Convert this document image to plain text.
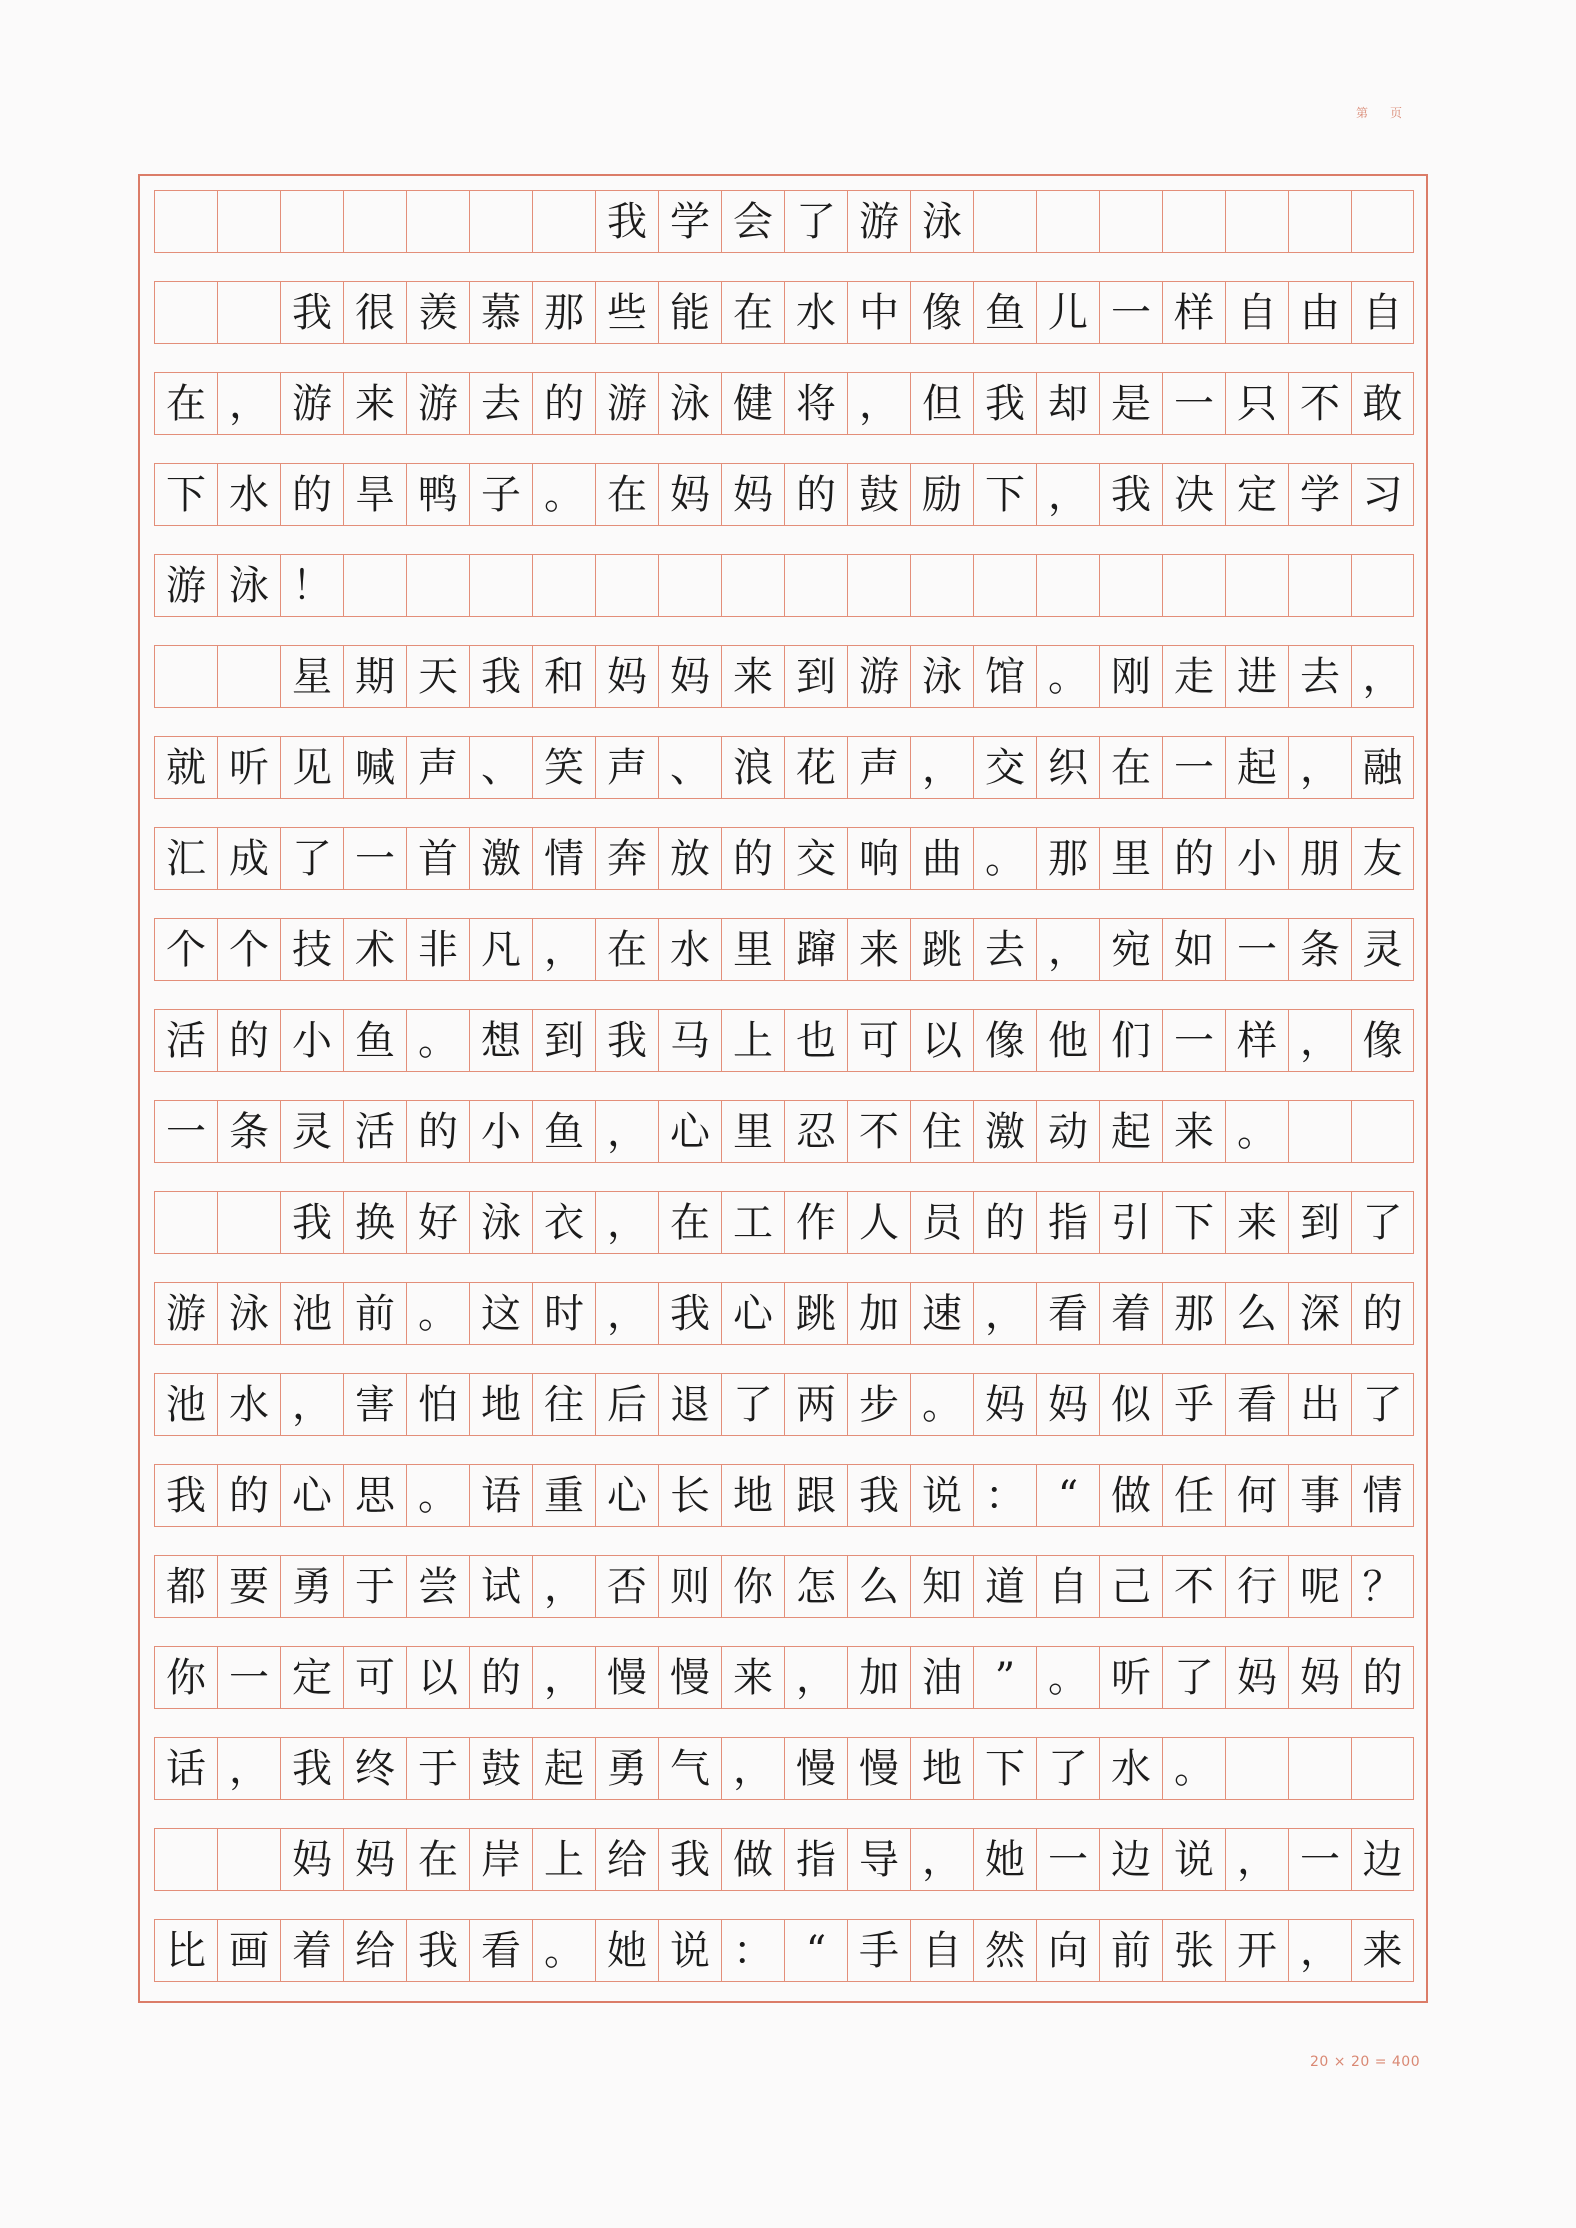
第　页
我 学 会 了 游 泳
我 很 羡 慕 那 些 能 在 水 中 像 鱼 儿 一 样 自 由 自
在 ， 游 来 游 去 的 游 泳 健 将 ， 但 我 却 是 一 只 不 敢
下 水 的 旱 鸭 子 。 在 妈 妈 的 鼓 励 下 ， 我 决 定 学 习
游 泳 ！
星 期 天 我 和 妈 妈 来 到 游 泳 馆 。 刚 走 进 去 ，
就 听 见 喊 声 、 笑 声 、 浪 花 声 ， 交 织 在 一 起 ， 融
汇 成 了 一 首 激 情 奔 放 的 交 响 曲 。 那 里 的 小 朋 友
个 个 技 术 非 凡 ， 在 水 里 蹿 来 跳 去 ， 宛 如 一 条 灵
活 的 小 鱼 。 想 到 我 马 上 也 可 以 像 他 们 一 样 ， 像
一 条 灵 活 的 小 鱼 ， 心 里 忍 不 住 激 动 起 来 。
我 换 好 泳 衣 ， 在 工 作 人 员 的 指 引 下 来 到 了
游 泳 池 前 。 这 时 ， 我 心 跳 加 速 ， 看 着 那 么 深 的
池 水 ， 害 怕 地 往 后 退 了 两 步 。 妈 妈 似 乎 看 出 了
我 的 心 思 。 语 重 心 长 地 跟 我 说 ： “ 做 任 何 事 情
都 要 勇 于 尝 试 ， 否 则 你 怎 么 知 道 自 己 不 行 呢 ？
你 一 定 可 以 的 ， 慢 慢 来 ， 加 油 ” 。 听 了 妈 妈 的
话 ， 我 终 于 鼓 起 勇 气 ， 慢 慢 地 下 了 水 。
妈 妈 在 岸 上 给 我 做 指 导 ， 她 一 边 说 ， 一 边
比 画 着 给 我 看 。 她 说 ： “ 手 自 然 向 前 张 开 ， 来
20 × 20 = 400
